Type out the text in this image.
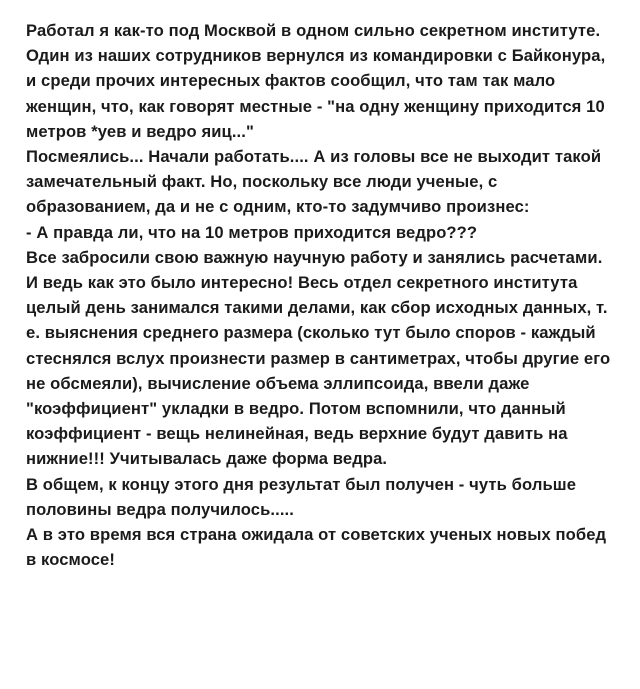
Работал я как-то под Москвой в одном сильно секретном институте. Один из наших сотрудников вернулся из командировки с Байконура, и среди прочих интересных фактов сообщил, что там так мало женщин, что, как говорят местные - "на одну женщину приходится 10 метров *уев и ведро яиц..."

Посмеялись... Начали работать.... А из головы все не выходит такой замечательный факт. Но, поскольку все люди ученые, с образованием, да и не с одним, кто-то задумчиво произнес:

- А правда ли, что на 10 метров приходится ведро???

Все забросили свою важную научную работу и занялись расчетами. И ведь как это было интересно! Весь отдел секретного института целый день занимался такими делами, как сбор исходных данных, т. е. выяснения среднего размера (сколько тут было споров - каждый стеснялся вслух произнести размер в сантиметрах, чтобы другие его не обсмеяли), вычисление объема эллипсоида, ввели даже "коэффициент" укладки в ведро. Потом вспомнили, что данный коэффициент - вещь нелинейная, ведь верхние будут давить на нижние!!! Учитывалась даже форма ведра.

В общем, к концу этого дня результат был получен - чуть больше половины ведра получилось.....

А в это время вся страна ожидала от советских ученых новых побед в космосе!
